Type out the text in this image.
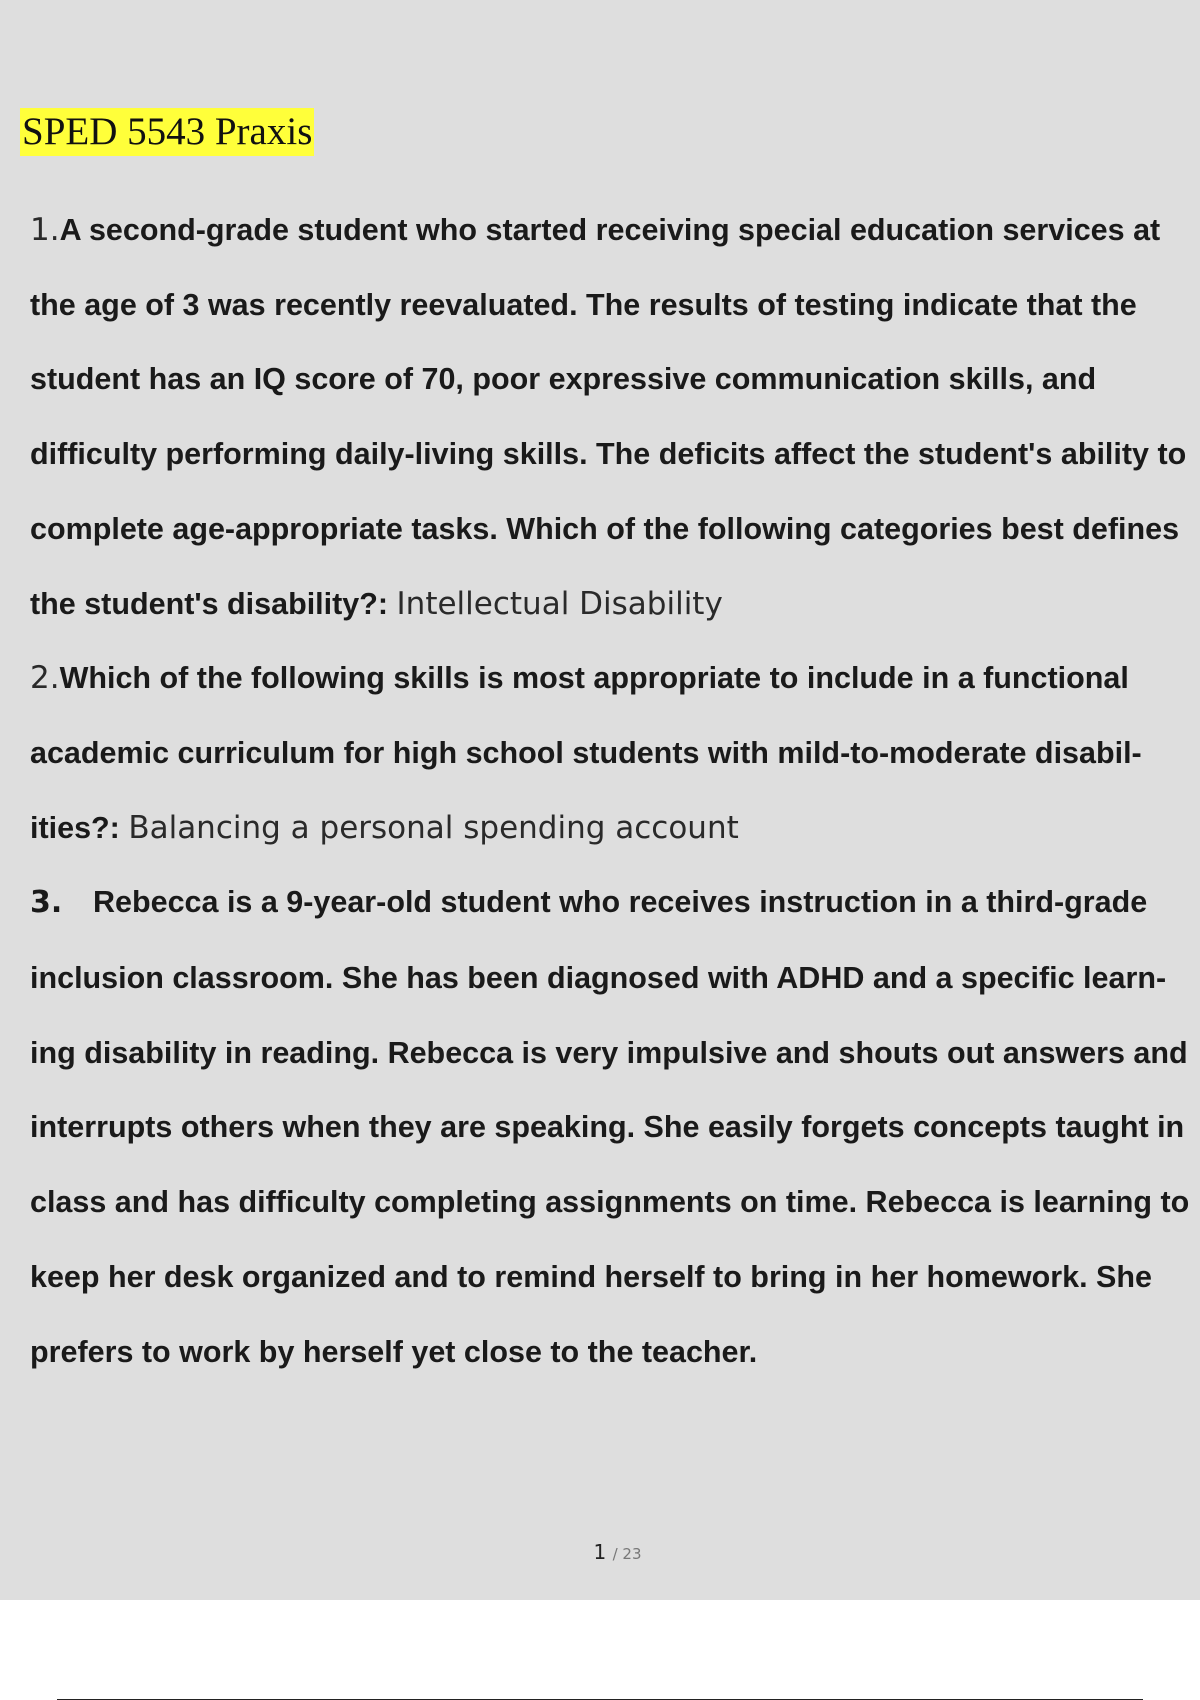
SPED 5543 Praxis

1.A second-grade student who started receiving special education services at the age of 3 was recently reevaluated. The results of testing indicate that the student has an IQ score of 70, poor expressive communication skills, and difficulty performing daily-living skills. The deficits affect the student's ability to complete age-appropriate tasks. Which of the following categories best defines the student's disability?: Intellectual Disability

2.Which of the following skills is most appropriate to include in a functional academic curriculum for high school students with mild-to-moderate disabil- ities?: Balancing a personal spending account

3. Rebecca is a 9-year-old student who receives instruction in a third-grade inclusion classroom. She has been diagnosed with ADHD and a specific learn- ing disability in reading. Rebecca is very impulsive and shouts out answers and interrupts others when they are speaking. She easily forgets concepts taught in class and has difficulty completing assignments on time. Rebecca is learning to keep her desk organized and to remind herself to bring in her homework. She prefers to work by herself yet close to the teacher.

1 / 23
